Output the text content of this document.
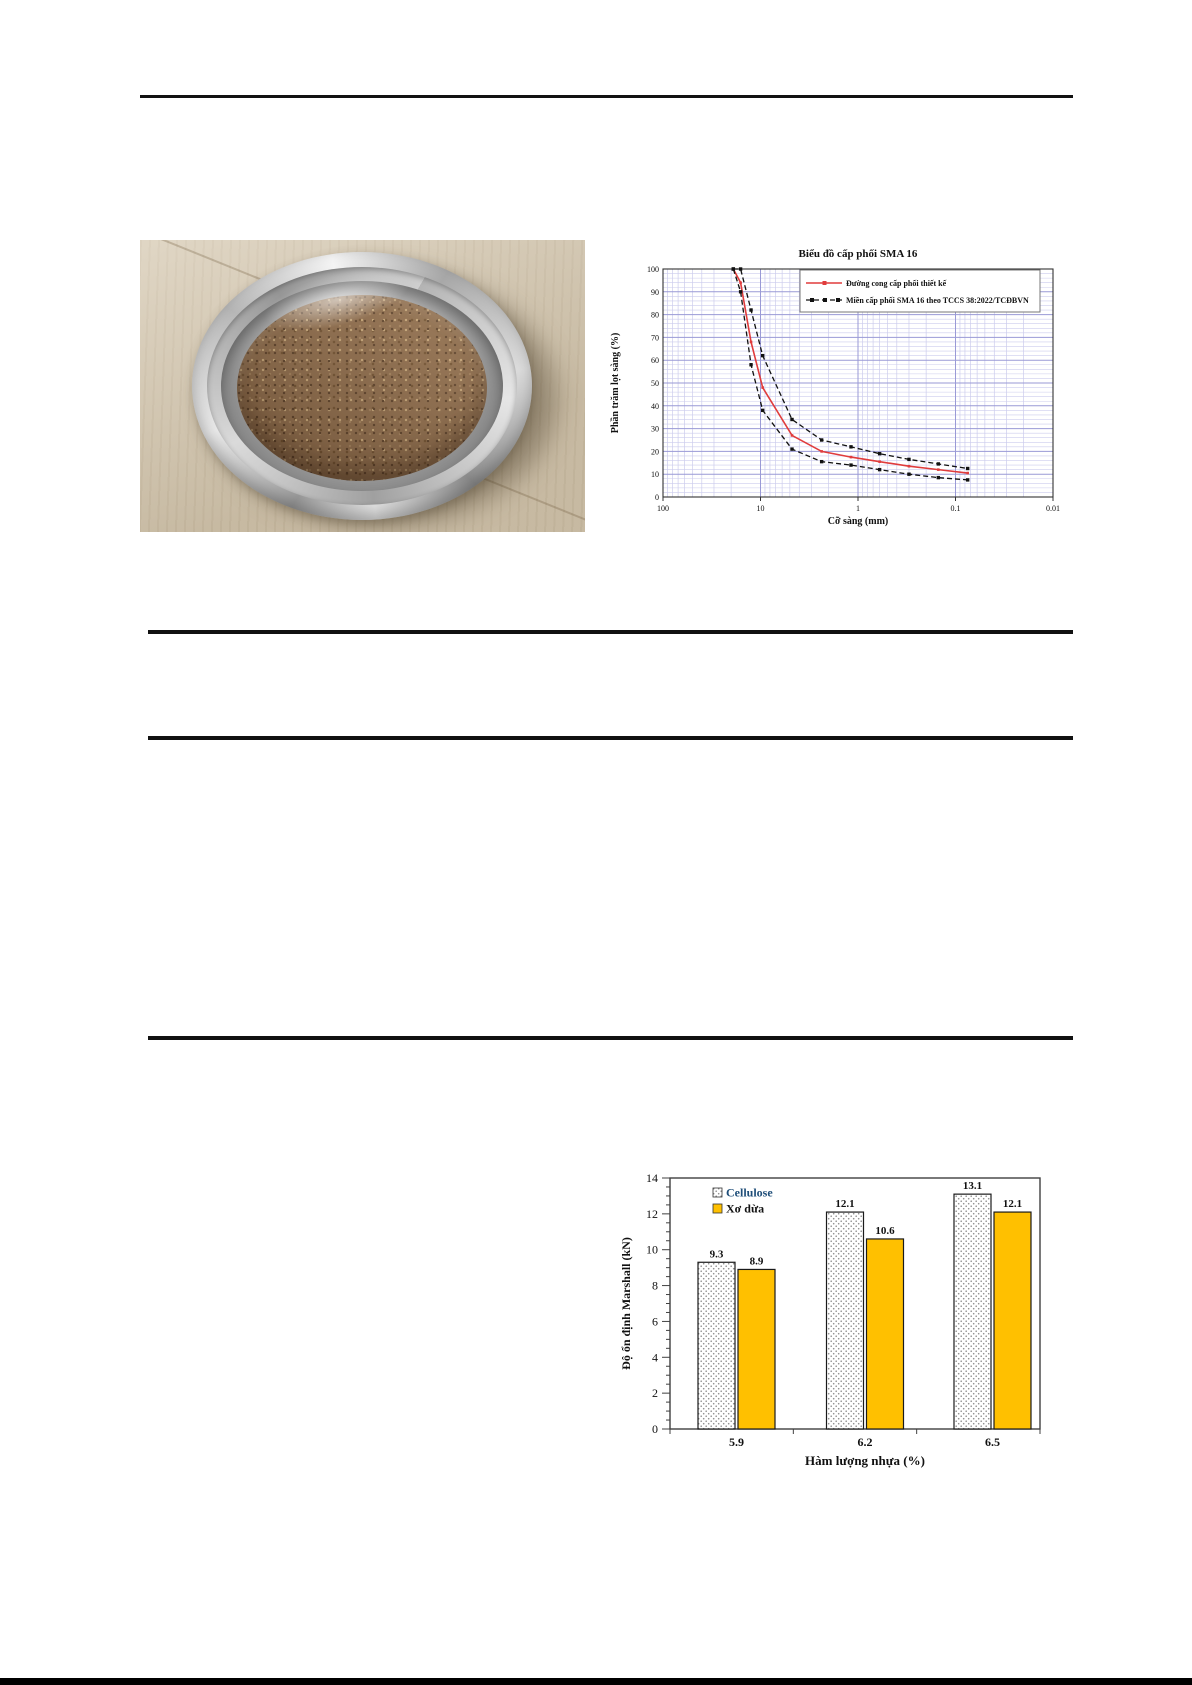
0
10
20
30
40
50
60
70
80
90
100
100	10	1	0.1	0.01
Biểu đồ cấp phối SMA 16
Cỡ sàng (mm)
Phần trăm lọt sàng (%)
Đường cong cấp phối thiết kế
Miền cấp phối SMA 16 theo TCCS 38:2022/TCĐBVN
0
2
4
6
8
10
12
14
9.3
8.9
5.9
12.1
10.6
6.2
13.1
12.1
6.5
Hàm lượng nhựa (%)
Độ ổn định Marshall (kN)
Cellulose
Xơ dừa
